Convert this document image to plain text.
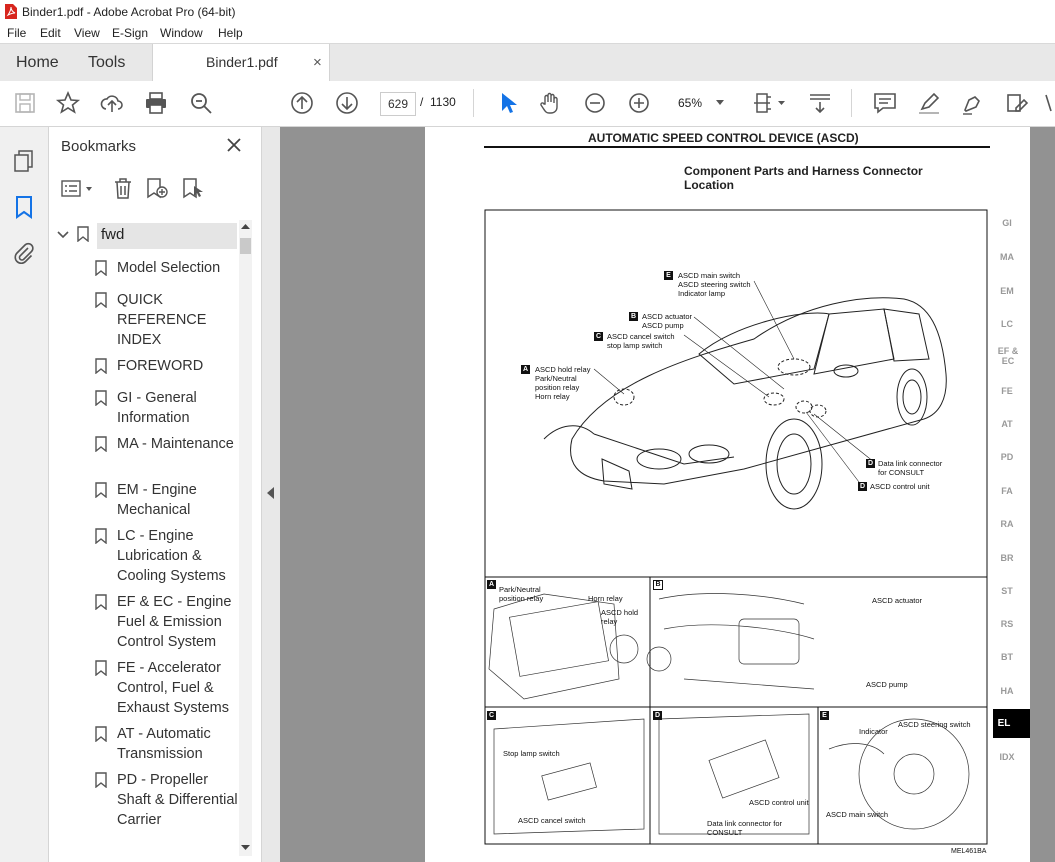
Binder1.pdf - Adobe Acrobat Pro (64-bit)
File Edit View E-Sign Window Help
Home Tools	Binder1.pdf ×
629 / 1130	65%
Bookmarks
fwd
Model Selection
QUICK REFERENCE INDEX
FOREWORD
GI - General Information
MA - Maintenance
EM - Engine Mechanical
LC - Engine Lubrication & Cooling Systems
EF & EC - Engine Fuel & Emission Control System
FE - Accelerator Control, Fuel & Exhaust Systems
AT - Automatic Transmission
PD - Propeller Shaft & Differential Carrier
AUTOMATIC SPEED CONTROL DEVICE (ASCD)
Component Parts and Harness Connector Location
E ASCD main switch
ASCD steering switch
Indicator lamp
B ASCD actuator
ASCD pump
C ASCD cancel switch
stop lamp switch
A ASCD hold relay
Park/Neutral
position relay
Horn relay
D Data link connector
for CONSULT
D ASCD control unit
A
Park/Neutral position relay	Horn relay
ASCD hold relay
B
ASCD actuator
ASCD pump
C
Stop lamp switch
ASCD cancel switch
D
ASCD control unit
Data link connector for CONSULT
E
ASCD steering switch
Indicator
ASCD main switch
MEL461BA
GI
MA
EM
LC
EF & EC
FE
AT
PD
FA
RA
BR
ST
RS
BT
HA
EL
IDX
